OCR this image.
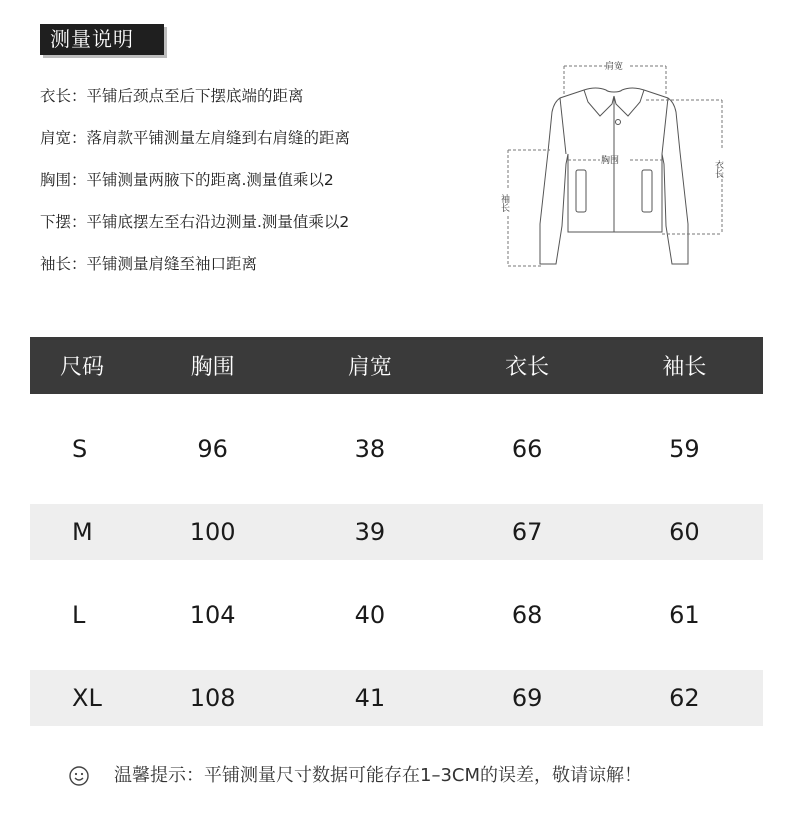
测量说明
衣长：平铺后颈点至后下摆底端的距离
肩宽：落肩款平铺测量左肩缝到右肩缝的距离
胸围：平铺测量两腋下的距离.测量值乘以2
下摆：平铺底摆左至右沿边测量.测量值乘以2
袖长：平铺测量肩缝至袖口距离
肩宽
胸围	衣长
袖长
尺码	胸围	肩宽	衣长	袖长
S	96	38	66	59
M	100	39	67	60
L	104	40	68	61
XL	108	41	69	62
温馨提示：平铺测量尺寸数据可能存在1–3CM的误差，敬请谅解！
